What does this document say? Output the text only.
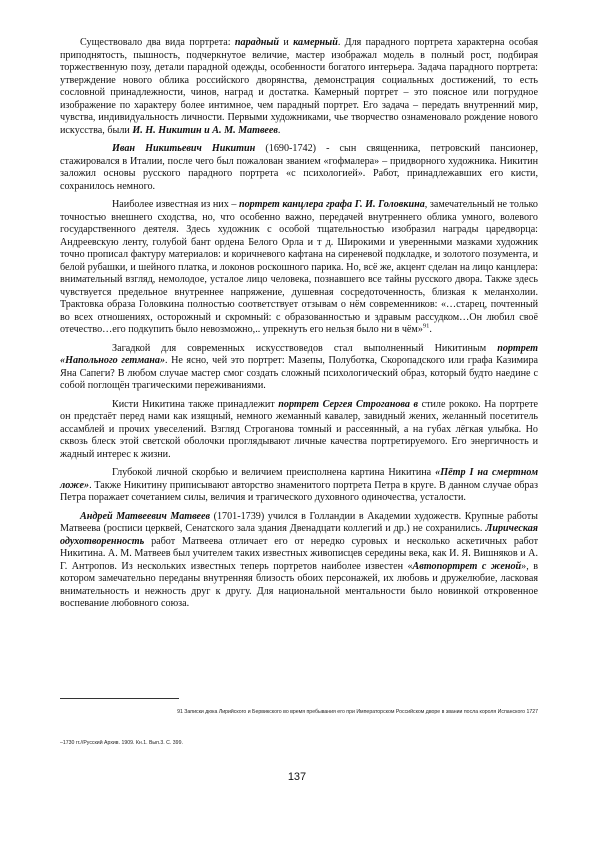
Существовало два вида портрета: парадный и камерный. Для парадного портрета характерна особая приподнятость, пышность, подчеркнутое величие, мастер изображал модель в полный рост, подбирая торжественную позу, детали парадной одежды, особенности богатого интерьера. Задача парадного портрета: утверждение нового облика российского дворянства, демонстрация социальных достижений, то есть сословной принадлежности, чинов, наград и достатка. Камерный портрет – это поясное или погрудное изображение по характеру более интимное, чем парадный портрет. Его задача – передать внутренний мир, чувства, индивидуальность личности. Первыми художниками, чье творчество ознаменовало рождение нового искусства, были И. Н. Никитин и А. М. Матвеев.

Иван Никитьевич Никитин (1690-1742) - сын священника, петровский пансионер, стажировался в Италии, после чего был пожалован званием «гофмалера» – придворного художника. Никитин заложил основы русского парадного портрета «с психологией». Работ, принадлежавших его кисти, сохранилось немного.

Наиболее известная из них – портрет канцлера графа Г. И. Головкина, замечательный не только точностью внешнего сходства, но, что особенно важно, передачей внутреннего облика умного, волевого государственного деятеля. Здесь художник с особой тщательностью изобразил награды царедворца: Андреевскую ленту, голубой бант ордена Белого Орла и т д. Широкими и уверенными мазками художник точно прописал фактуру материалов: и коричневого кафтана на сиреневой подкладке, и золотого позумента, и белой рубашки, и шейного платка, и локонов роскошного парика. Но, всё же, акцент сделан на лицо канцлера: внимательный взгляд, немолодое, усталое лицо человека, познавшего все тайны русского двора. Также здесь чувствуется предельное внутреннее напряжение, душевная сосредоточенность, близкая к меланхолии. Трактовка образа Головкина полностью соответствует отзывам о нём современников: «…старец, почтенный во всех отношениях, осторожный и скромный: с образованностью и здравым рассудком…Он любил своё отечество…его подкупить было невозможно,.. упрекнуть его нельзя было ни в чём»$^{91}$.

Загадкой для современных искусствоведов стал выполненный Никитиным портрет «Напольного гетмана». Не ясно, чей это портрет: Мазепы, Полуботка, Скоропадского или графа Казимира Яна Сапеги? В любом случае мастер смог создать сложный психологический образ, который будто наедине с собой поглощён трагическими переживаниями.

Кисти Никитина также принадлежит портрет Сергея Строганова в стиле рококо. На портрете он предстаёт перед нами как изящный, немного жеманный кавалер, завидный жених, желанный посетитель ассамблей и прочих увеселений. Взгляд Строганова томный и рассеянный, а на губах лёгкая улыбка. Но сквозь блеск этой светской оболочки проглядывают личные качества портретируемого. Его энергичность и жадный интерес к жизни.

Глубокой личной скорбью и величием преисполнена картина Никитина «Пётр I на смертном ложе». Также Никитину приписывают авторство знаменитого портрета Петра в круге. В данном случае образ Петра поражает сочетанием силы, величия и трагического духовного одиночества, усталости.

Андрей Матвеевич Матвеев (1701-1739) учился в Голландии в Академии художеств. Крупные работы Матвеева (росписи церквей, Сенатского зала здания Двенадцати коллегий и др.) не сохранились. Лирическая одухотворенность работ Матвеева отличает его от нередко суровых и несколько аскетичных работ Никитина. А. М. Матвеев был учителем таких известных живописцев середины века, как И. Я. Вишняков и А. Г. Антропов. Из нескольких известных теперь портретов наиболее известен «Автопортрет с женой», в котором замечательно переданы внутренняя близость обоих персонажей, их любовь и дружелюбие, ласковая внимательность и нежность друг к другу. Для национальной ментальности было новинкой откровенное воспевание любовного союза.

91 Записки дюка Лирийского и Бервикского во время пребывания его при Императорском Российском дворе в звании посла короля Испанского 1727
–1730 гг.//Русский Архив. 1909. Кн.1. Вып.3. С. 399.
137
